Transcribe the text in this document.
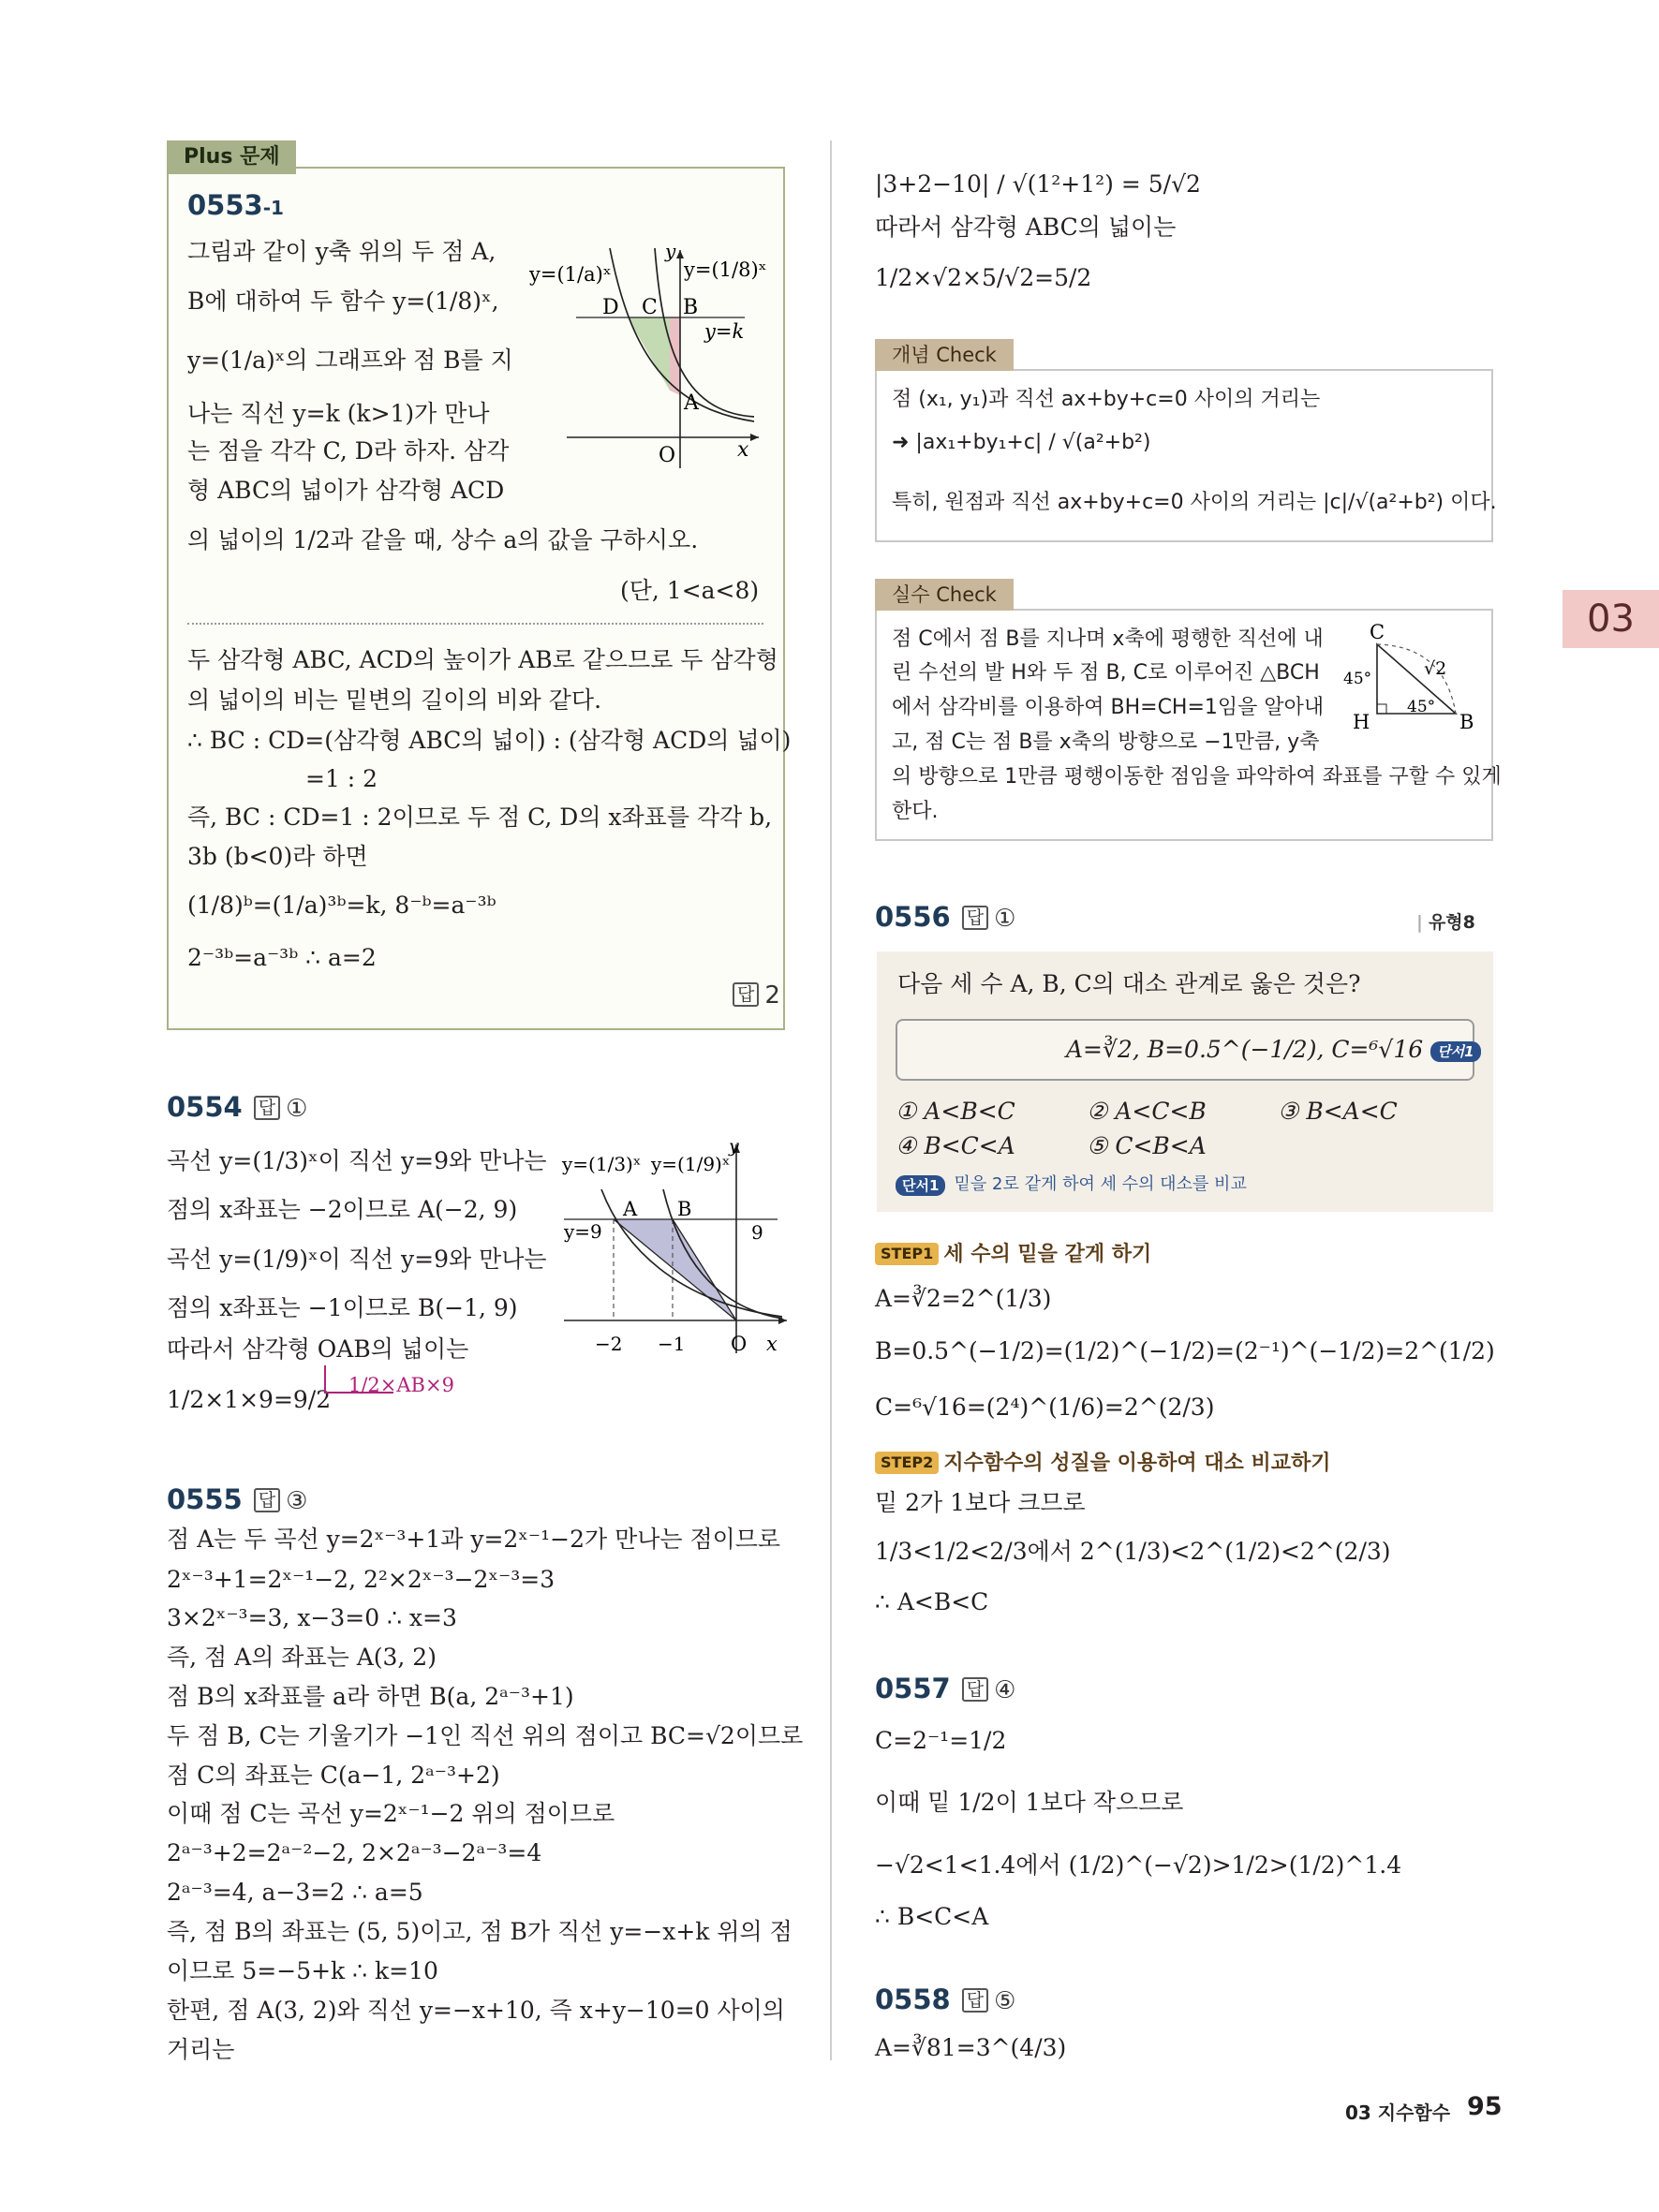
Plus 문제
0553-1
그림과 같이 y축 위의 두 점 A,
B에 대하여 두 함수 y=(1/8)ˣ,
y=(1/a)ˣ의 그래프와 점 B를 지
나는 직선 y=k (k>1)가 만나
는 점을 각각 C, D라 하자. 삼각
형 ABC의 넓이가 삼각형 ACD
의 넓이의 1/2과 같을 때, 상수 a의 값을 구하시오.
(단, 1<a<8)
y=(1/a)ˣ	y=(1/8)ˣ
y=k
D C B
A
O	x
y
두 삼각형 ABC, ACD의 높이가 AB로 같으므로 두 삼각형
의 넓이의 비는 밑변의 길이의 비와 같다.
∴ BC : CD=(삼각형 ABC의 넓이) : (삼각형 ACD의 넓이)
=1 : 2
즉, BC : CD=1 : 2이므로 두 점 C, D의 x좌표를 각각 b,
3b (b<0)라 하면
(1/8)ᵇ=(1/a)³ᵇ=k, 8⁻ᵇ=a⁻³ᵇ
2⁻³ᵇ=a⁻³ᵇ ∴ a=2
답 2
0554 답 ①
곡선 y=(1/3)ˣ이 직선 y=9와 만나는
점의 x좌표는 −2이므로 A(−2, 9)
곡선 y=(1/9)ˣ이 직선 y=9와 만나는
점의 x좌표는 −1이므로 B(−1, 9)
따라서 삼각형 OAB의 넓이는
1/2×1×9=9/2
1/2×AB×9
y=(1/3)ˣ y=(1/9)ˣ
y=9	9
A B
O
−2 −1	x
y
0555 답 ③
점 A는 두 곡선 y=2ˣ⁻³+1과 y=2ˣ⁻¹−2가 만나는 점이므로
2ˣ⁻³+1=2ˣ⁻¹−2, 2²×2ˣ⁻³−2ˣ⁻³=3
3×2ˣ⁻³=3, x−3=0 ∴ x=3
즉, 점 A의 좌표는 A(3, 2)
점 B의 x좌표를 a라 하면 B(a, 2ᵃ⁻³+1)
두 점 B, C는 기울기가 −1인 직선 위의 점이고 BC=√2이므로
점 C의 좌표는 C(a−1, 2ᵃ⁻³+2)
이때 점 C는 곡선 y=2ˣ⁻¹−2 위의 점이므로
2ᵃ⁻³+2=2ᵃ⁻²−2, 2×2ᵃ⁻³−2ᵃ⁻³=4
2ᵃ⁻³=4, a−3=2 ∴ a=5
즉, 점 B의 좌표는 (5, 5)이고, 점 B가 직선 y=−x+k 위의 점
이므로 5=−5+k ∴ k=10
한편, 점 A(3, 2)와 직선 y=−x+10, 즉 x+y−10=0 사이의
거리는
|3+2−10| / √(1²+1²) = 5/√2
따라서 삼각형 ABC의 넓이는
1/2×√2×5/√2=5/2
개념 Check
점 (x₁, y₁)과 직선 ax+by+c=0 사이의 거리는
➜ |ax₁+by₁+c| / √(a²+b²)
특히, 원점과 직선 ax+by+c=0 사이의 거리는 |c|/√(a²+b²) 이다.
실수 Check
점 C에서 점 B를 지나며 x축에 평행한 직선에 내
린 수선의 발 H와 두 점 B, C로 이루어진 △BCH
에서 삼각비를 이용하여 BH=CH=1임을 알아내
고, 점 C는 점 B를 x축의 방향으로 −1만큼, y축
의 방향으로 1만큼 평행이동한 점임을 파악하여 좌표를 구할 수 있게
한다.
C
H	B
45°
45°
√2
0556 답 ①	| 유형8
다음 세 수 A, B, C의 대소 관계로 옳은 것은?
A=∛2, B=0.5^(−1/2), C=⁶√16 단서1
① A<B<C	② A<C<B	③ B<A<C
④ B<C<A	⑤ C<B<A
단서1 밑을 2로 같게 하여 세 수의 대소를 비교
STEP1 세 수의 밑을 같게 하기
A=∛2=2^(1/3)
B=0.5^(−1/2)=(1/2)^(−1/2)=(2⁻¹)^(−1/2)=2^(1/2)
C=⁶√16=(2⁴)^(1/6)=2^(2/3)
STEP2 지수함수의 성질을 이용하여 대소 비교하기
밑 2가 1보다 크므로
1/3<1/2<2/3에서 2^(1/3)<2^(1/2)<2^(2/3)
∴ A<B<C
0557 답 ④
C=2⁻¹=1/2
이때 밑 1/2이 1보다 작으므로
−√2<1<1.4에서 (1/2)^(−√2)>1/2>(1/2)^1.4
∴ B<C<A
0558 답 ⑤
A=∛81=3^(4/3)
03
03 지수함수 95
